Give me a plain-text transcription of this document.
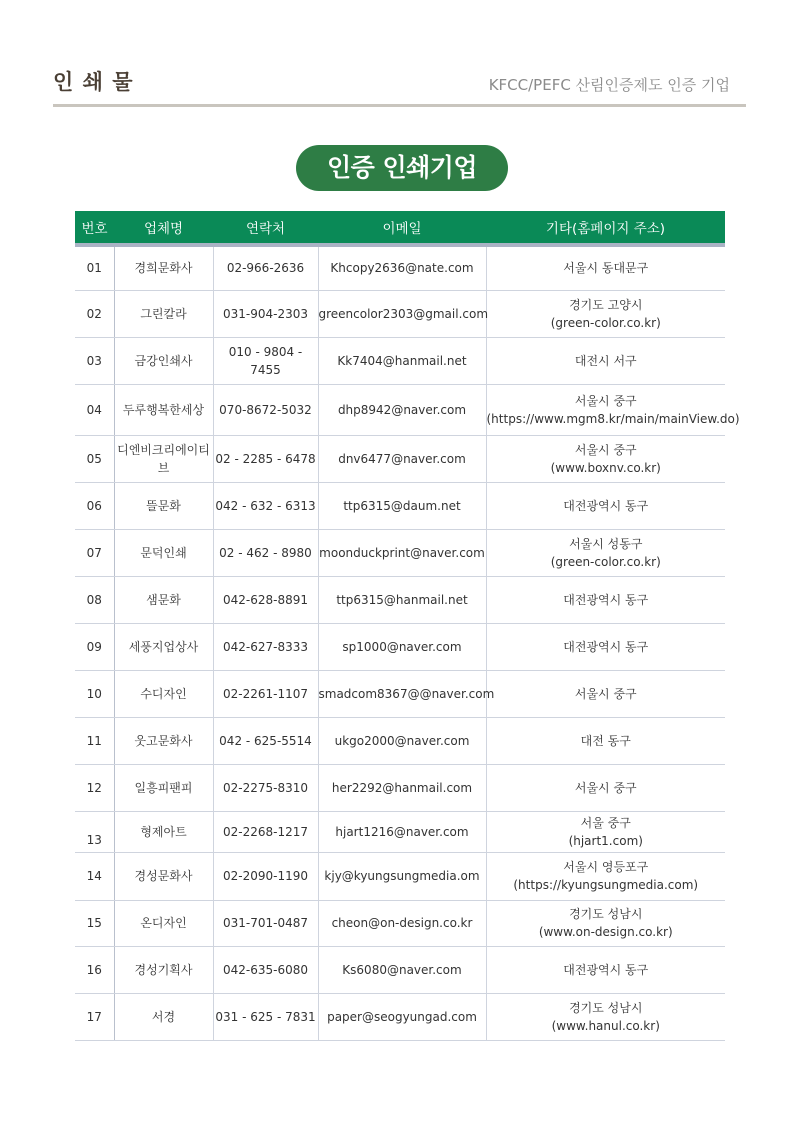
인 쇄 물	KFCC/PEFC 산림인증제도 인증 기업
인증 인쇄기업
번호	업체명	연락처	이메일	기타(홈페이지 주소)
01	경희문화사	02-966-2636	Khcopy2636@nate.com	서울시 동대문구

02	그린칼라	031-904-2303	greencolor2303@gmail.com	경기도 고양시
(green-color.co.kr)

03	금강인쇄사	010 - 9804 - 7455	Kk7404@hanmail.net	대전시 서구

04	두루행복한세상	070-8672-5032	dhp8942@naver.com	서울시 중구
(https://www.mgm8.kr/main/mainView.do)

05	디엔비크리에이티브	02 - 2285 - 6478	dnv6477@naver.com	서울시 중구
(www.boxnv.co.kr)

06	뜰문화	042 - 632 - 6313	ttp6315@daum.net	대전광역시 동구

07	문덕인쇄	02 - 462 - 8980	moonduckprint@naver.com	서울시 성동구
(green-color.co.kr)

08	샘문화	042-628-8891	ttp6315@hanmail.net	대전광역시 동구

09	세풍지업상사	042-627-8333	sp1000@naver.com	대전광역시 동구

10	수디자인	02-2261-1107	smadcom8367@@naver.com	서울시 중구

11	웃고문화사	042 - 625-5514	ukgo2000@naver.com	대전 동구

12	일흥피팬피	02-2275-8310	her2292@hanmail.com	서울시 중구

13	형제아트	02-2268-1217	hjart1216@naver.com	서울 중구
(hjart1.com)

14	경성문화사	02-2090-1190	kjy@kyungsungmedia.om	서울시 영등포구
(https://kyungsungmedia.com)

15	온디자인	031-701-0487	cheon@on-design.co.kr	경기도 성남시
(www.on-design.co.kr)

16	경성기획사	042-635-6080	Ks6080@naver.com	대전광역시 동구

17	서경	031 - 625 - 7831	paper@seogyungad.com	경기도 성남시
(www.hanul.co.kr)
